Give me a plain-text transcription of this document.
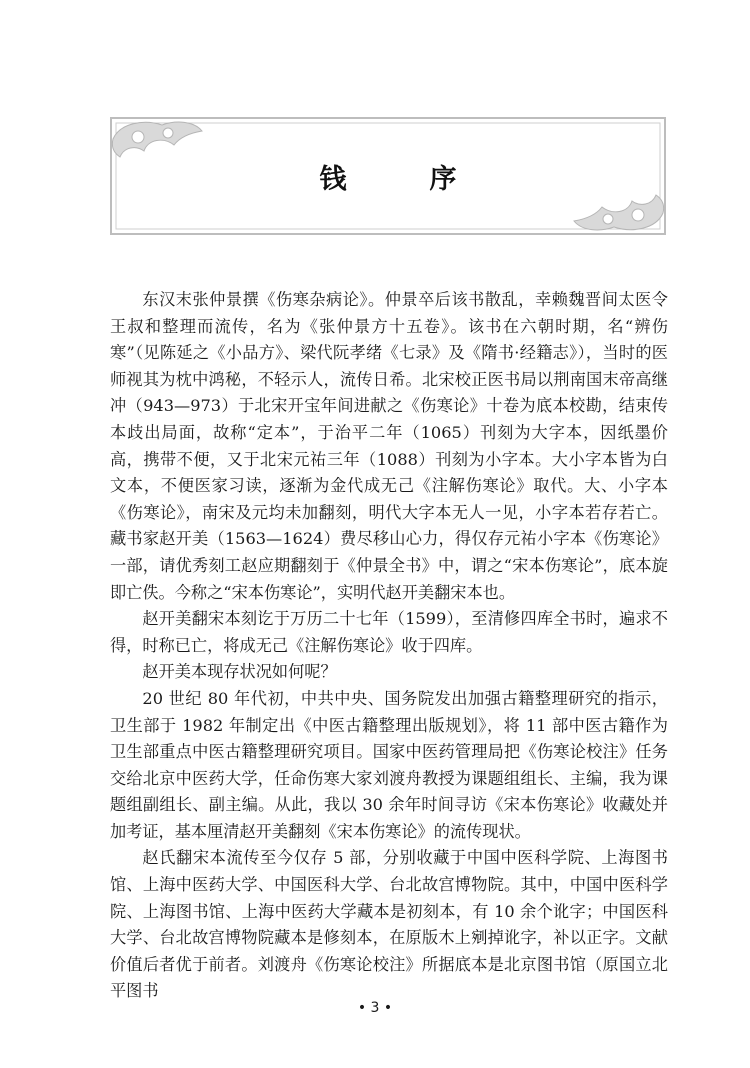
钱　序

东汉末张仲景撰《伤寒杂病论》。仲景卒后该书散乱，幸赖魏晋间太医令王叔和整理而流传，名为《张仲景方十五卷》。该书在六朝时期，名“辨伤寒”（见陈延之《小品方》、梁代阮孝绪《七录》及《隋书·经籍志》），当时的医师视其为枕中鸿秘，不轻示人，流传日希。北宋校正医书局以荆南国末帝高继冲（943—973）于北宋开宝年间进献之《伤寒论》十卷为底本校勘，结束传本歧出局面，故称“定本”，于治平二年（1065）刊刻为大字本，因纸墨价高，携带不便，又于北宋元祐三年（1088）刊刻为小字本。大小字本皆为白文本，不便医家习读，逐渐为金代成无己《注解伤寒论》取代。大、小字本《伤寒论》，南宋及元均未加翻刻，明代大字本无人一见，小字本若存若亡。藏书家赵开美（1563—1624）费尽移山心力，得仅存元祐小字本《伤寒论》一部，请优秀刻工赵应期翻刻于《仲景全书》中，谓之“宋本伤寒论”，底本旋即亡佚。今称之“宋本伤寒论”，实明代赵开美翻宋本也。

赵开美翻宋本刻讫于万历二十七年（1599），至清修四库全书时，遍求不得，时称已亡，将成无己《注解伤寒论》收于四库。

赵开美本现存状况如何呢？

20 世纪 80 年代初，中共中央、国务院发出加强古籍整理研究的指示，卫生部于 1982 年制定出《中医古籍整理出版规划》，将 11 部中医古籍作为卫生部重点中医古籍整理研究项目。国家中医药管理局把《伤寒论校注》任务交给北京中医药大学，任命伤寒大家刘渡舟教授为课题组组长、主编，我为课题组副组长、副主编。从此，我以 30 余年时间寻访《宋本伤寒论》收藏处并加考证，基本厘清赵开美翻刻《宋本伤寒论》的流传现状。

赵氏翻宋本流传至今仅存 5 部，分别收藏于中国中医科学院、上海图书馆、上海中医药大学、中国医科大学、台北故宫博物院。其中，中国中医科学院、上海图书馆、上海中医药大学藏本是初刻本，有 10 余个讹字；中国医科大学、台北故宫博物院藏本是修刻本，在原版木上剜掉讹字，补以正字。文献价值后者优于前者。刘渡舟《伤寒论校注》所据底本是北京图书馆（原国立北平图书

• 3 •
